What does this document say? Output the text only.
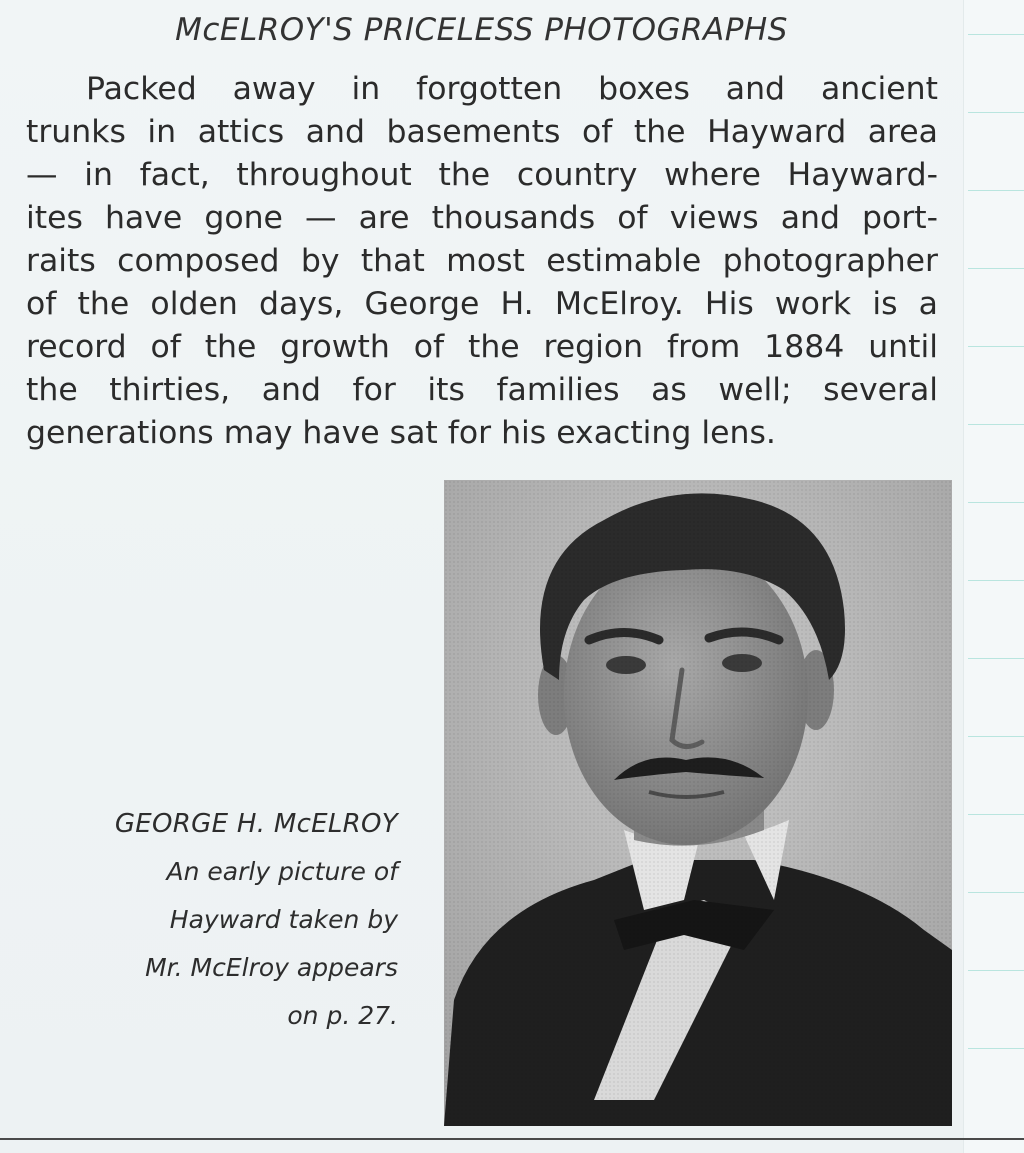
McELROY'S PRICELESS PHOTOGRAPHS

Packed away in forgotten boxes and ancient
trunks in attics and basements of the Hayward area
— in fact, throughout the country where Hayward-
ites have gone — are thousands of views and port-
raits composed by that most estimable photographer
of the olden days, George H. McElroy. His work is a
record of the growth of the region from 1884 until
the thirties, and for its families as well; several
generations may have sat for his exacting lens.

GEORGE H. McELROY
An early picture of
Hayward taken by
Mr. McElroy appears
on p. 27.
